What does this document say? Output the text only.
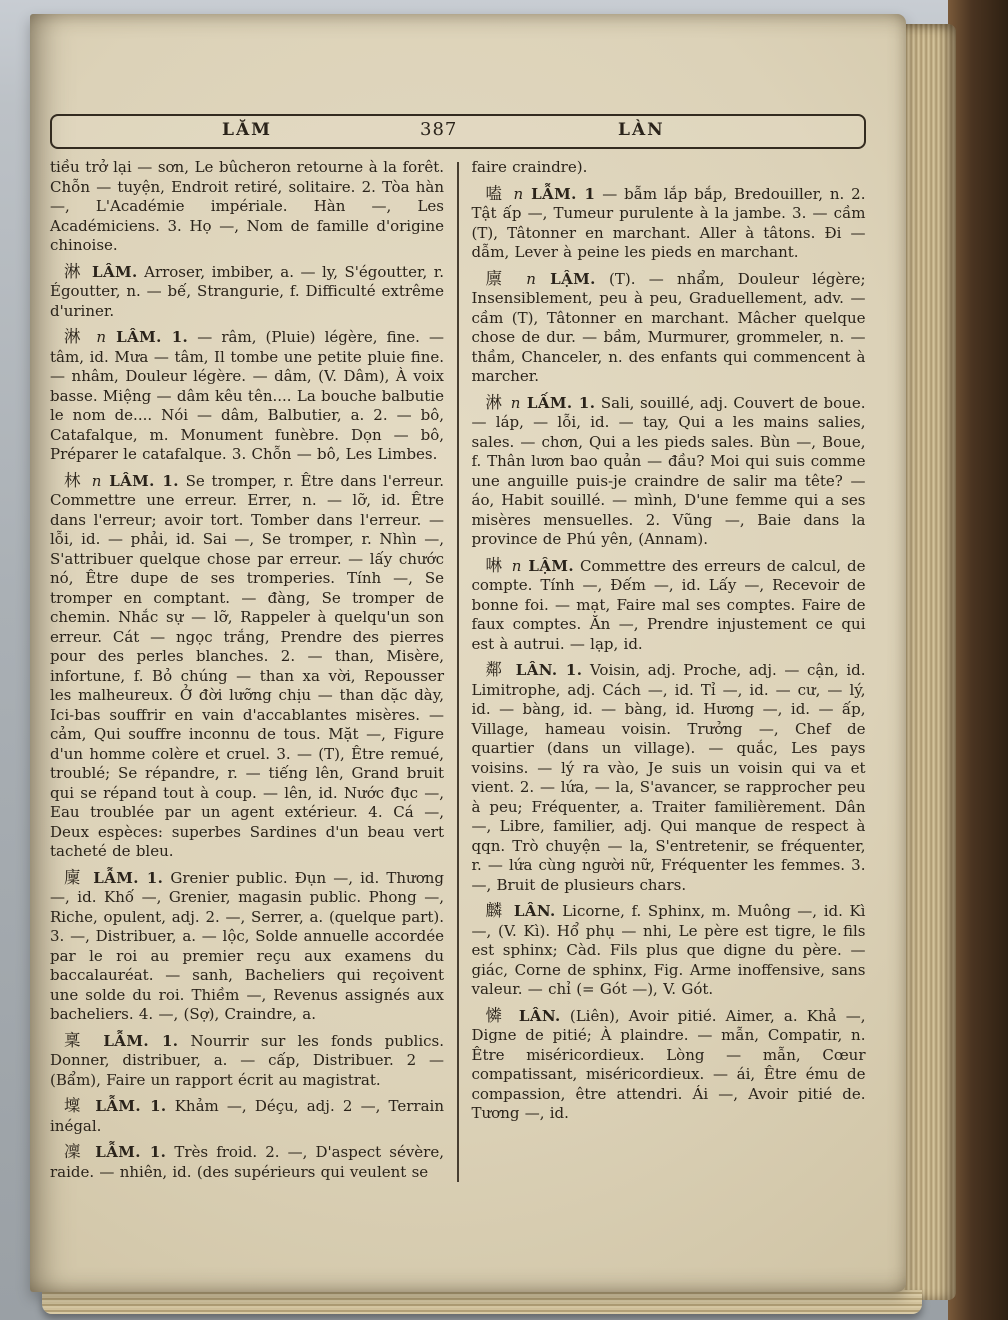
LĂM	387	LÀN

tiều trở lại — sơn, Le bûcheron retourne à la forêt. Chỗn — tuyện, Endroit retiré, solitaire. 2. Tòa hàn —, L'Académie impériale. Hàn —, Les Académiciens. 3. Họ —, Nom de famille d'origine chinoise.

淋 LÂM. Arroser, imbiber, a. — ly, S'égoutter, r. Égoutter, n. — bế, Strangurie, f. Difficulté extrême d'uriner.

淋 n LÂM. 1. — râm, (Pluie) légère, fine. — tâm, id. Mưa — tâm, Il tombe une petite pluie fine. — nhâm, Douleur légère. — dâm, (V. Dâm), À voix basse. Miệng — dâm kêu tên.... La bouche balbutie le nom de.... Nói — dâm, Balbutier, a. 2. — bô, Catafalque, m. Monument funèbre. Dọn — bô, Préparer le catafalque. 3. Chỗn — bô, Les Limbes.

林 n LÂM. 1. Se tromper, r. Être dans l'erreur. Commettre une erreur. Errer, n. — lỡ, id. Être dans l'erreur; avoir tort. Tomber dans l'erreur. — lỗi, id. — phải, id. Sai —, Se tromper, r. Nhìn —, S'attribuer quelque chose par erreur. — lấy chước nó, Être dupe de ses tromperies. Tính —, Se tromper en comptant. — đàng, Se tromper de chemin. Nhắc sự — lỡ, Rappeler à quelqu'un son erreur. Cát — ngọc trắng, Prendre des pierres pour des perles blanches. 2. — than, Misère, infortune, f. Bỏ chúng — than xa vời, Repousser les malheureux. Ở đời lưỡng chịu — than dặc dày, Ici-bas souffrir en vain d'accablantes misères. — cảm, Qui souffre inconnu de tous. Mặt —, Figure d'un homme colère et cruel. 3. — (T), Être remué, troublé; Se répandre, r. — tiếng lên, Grand bruit qui se répand tout à coup. — lên, id. Nước đục —, Eau troublée par un agent extérieur. 4. Cá —, Deux espèces: superbes Sardines d'un beau vert tacheté de bleu.

廩 LẪM. 1. Grenier public. Đụn —, id. Thương —, id. Khố —, Grenier, magasin public. Phong —, Riche, opulent, adj. 2. —, Serrer, a. (quelque part). 3. —, Distribuer, a. — lộc, Solde annuelle accordée par le roi au premier reçu aux examens du baccalauréat. — sanh, Bacheliers qui reçoivent une solde du roi. Thiềm —, Revenus assignés aux bacheliers. 4. —, (Sợ), Craindre, a.

稟 LẪM. 1. Nourrir sur les fonds publics. Donner, distribuer, a. — cấp, Distribuer. 2 — (Bẩm), Faire un rapport écrit au magistrat.

壈 LẪM. 1. Khảm —, Déçu, adj. 2 —, Terrain inégal.

凜 LẪM. 1. Très froid. 2. —, D'aspect sévère, raide. — nhiên, id. (des supérieurs qui veulent se

faire craindre).

嗑 n LẪM. 1 — bẫm lắp bắp, Bredouiller, n. 2. Tật ấp —, Tumeur purulente à la jambe. 3. — cầm (T), Tâtonner en marchant. Aller à tâtons. Đi — dẫm, Lever à peine les pieds en marchant.

廪 n LẬM. (T). — nhẩm, Douleur légère; Insensiblement, peu à peu, Graduellement, adv. — cầm (T), Tâtonner en marchant. Mâcher quelque chose de dur. — bầm, Murmurer, grommeler, n. — thầm, Chanceler, n. des enfants qui commencent à marcher.

淋 n LẤM. 1. Sali, souillé, adj. Couvert de boue. — láp, — lỗi, id. — tay, Qui a les mains salies, sales. — chơn, Qui a les pieds sales. Bùn —, Boue, f. Thân lươn bao quản — đầu? Moi qui suis comme une anguille puis-je craindre de salir ma tête? — áo, Habit souillé. — mình, D'une femme qui a ses misères mensuelles. 2. Vũng —, Baie dans la province de Phú yên, (Annam).

啉 n LẬM. Commettre des erreurs de calcul, de compte. Tính —, Đếm —, id. Lấy —, Recevoir de bonne foi. — mạt, Faire mal ses comptes. Faire de faux comptes. Ăn —, Prendre injustement ce qui est à autrui. — lạp, id.

鄰 LÂN. 1. Voisin, adj. Proche, adj. — cận, id. Limitrophe, adj. Cách —, id. Tỉ —, id. — cư, — lý, id. — bàng, id. — bàng, id. Hương —, id. — ấp, Village, hameau voisin. Trưởng —, Chef de quartier (dans un village). — quắc, Les pays voisins. — lý ra vào, Je suis un voisin qui va et vient. 2. — lứa, — la, S'avancer, se rapprocher peu à peu; Fréquenter, a. Traiter familièrement. Dân —, Libre, familier, adj. Qui manque de respect à qqn. Trò chuyện — la, S'entretenir, se fréquenter, r. — lứa cùng người nữ, Fréquenter les femmes. 3. —, Bruit de plusieurs chars.

麟 LÂN. Licorne, f. Sphinx, m. Muông —, id. Kì —, (V. Kì). Hổ phụ — nhi, Le père est tigre, le fils est sphinx; Càd. Fils plus que digne du père. — giác, Corne de sphinx, Fig. Arme inoffensive, sans valeur. — chỉ (= Gót —), V. Gót.

憐 LÂN. (Liên), Avoir pitié. Aimer, a. Khả —, Digne de pitié; À plaindre. — mẫn, Compatir, n. Être miséricordieux. Lòng — mẫn, Cœur compatissant, miséricordieux. — ái, Être ému de compassion, être attendri. Ái —, Avoir pitié de. Tương —, id.
